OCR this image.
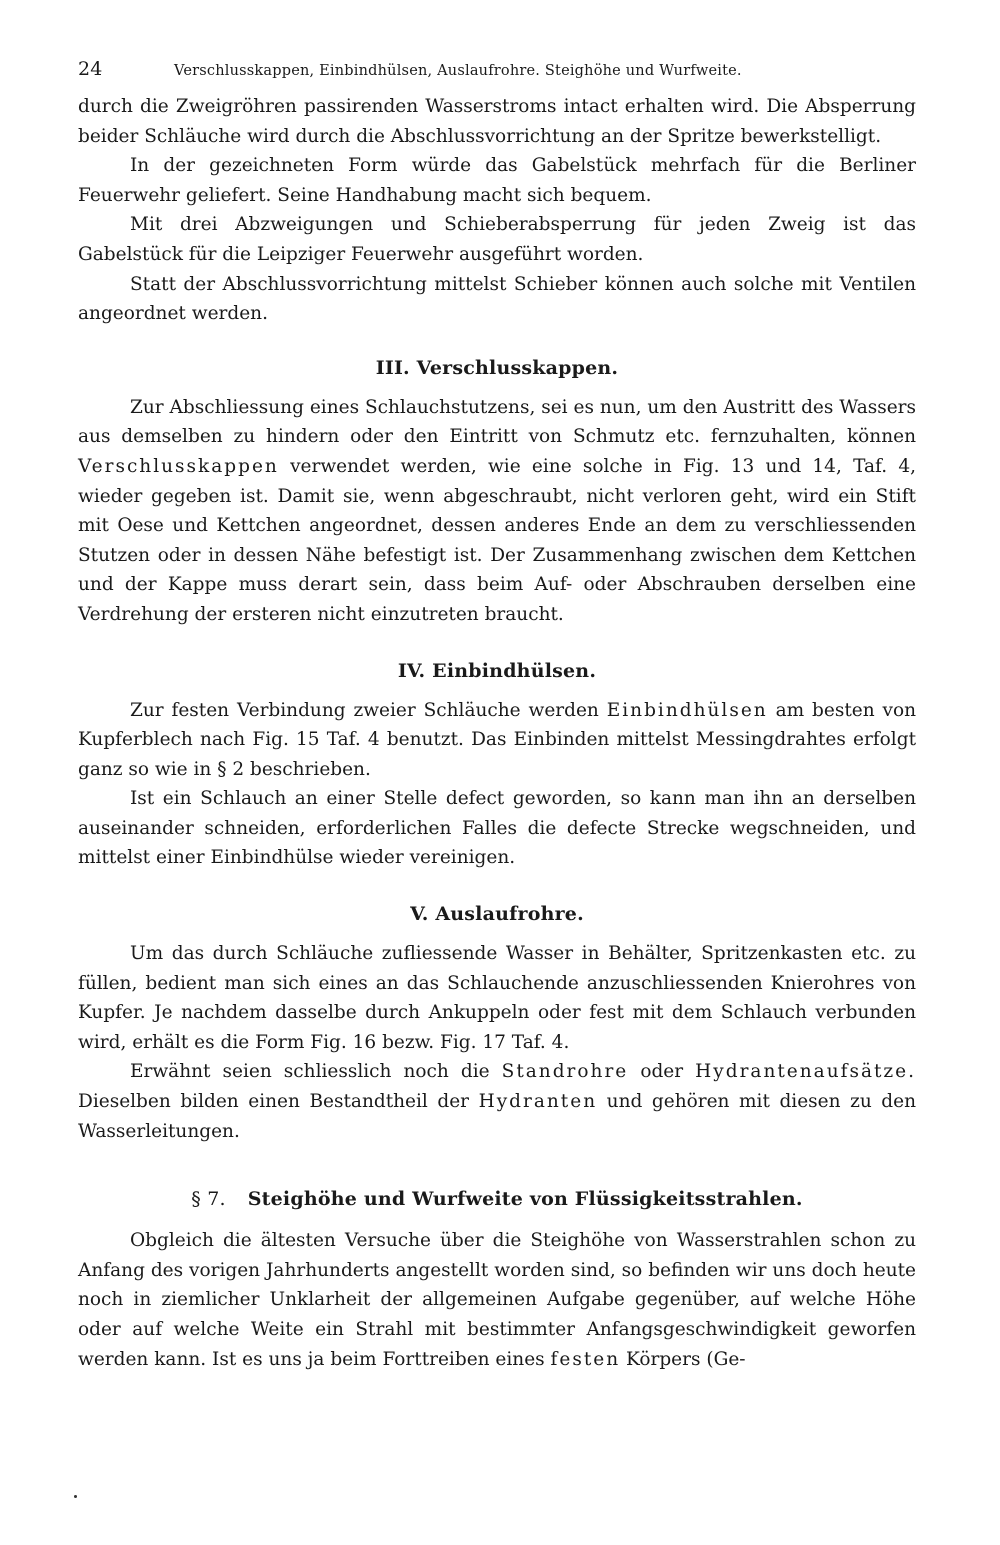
24	Verschlusskappen, Einbindhülsen, Auslaufrohre. Steighöhe und Wurfweite.

durch die Zweigröhren passirenden Wasserstroms intact erhalten wird. Die Absperrung beider Schläuche wird durch die Abschlussvorrichtung an der Spritze bewerkstelligt.

In der gezeichneten Form würde das Gabelstück mehrfach für die Berliner Feuerwehr geliefert. Seine Handhabung macht sich bequem.

Mit drei Abzweigungen und Schieberabsperrung für jeden Zweig ist das Gabelstück für die Leipziger Feuerwehr ausgeführt worden.

Statt der Abschlussvorrichtung mittelst Schieber können auch solche mit Ventilen angeordnet werden.

III. Verschlusskappen.

Zur Abschliessung eines Schlauchstutzens, sei es nun, um den Austritt des Wassers aus demselben zu hindern oder den Eintritt von Schmutz etc. fernzuhalten, können Verschlusskappen verwendet werden, wie eine solche in Fig. 13 und 14, Taf. 4, wieder gegeben ist. Damit sie, wenn abgeschraubt, nicht verloren geht, wird ein Stift mit Oese und Kettchen angeordnet, dessen anderes Ende an dem zu verschliessenden Stutzen oder in dessen Nähe befestigt ist. Der Zusammenhang zwischen dem Kettchen und der Kappe muss derart sein, dass beim Auf- oder Abschrauben derselben eine Verdrehung der ersteren nicht einzutreten braucht.

IV. Einbindhülsen.

Zur festen Verbindung zweier Schläuche werden Einbindhülsen am besten von Kupferblech nach Fig. 15 Taf. 4 benutzt. Das Einbinden mittelst Messingdrahtes erfolgt ganz so wie in § 2 beschrieben.

Ist ein Schlauch an einer Stelle defect geworden, so kann man ihn an derselben auseinander schneiden, erforderlichen Falles die defecte Strecke wegschneiden, und mittelst einer Einbindhülse wieder vereinigen.

V. Auslaufrohre.

Um das durch Schläuche zufliessende Wasser in Behälter, Spritzenkasten etc. zu füllen, bedient man sich eines an das Schlauchende anzuschliessenden Knierohres von Kupfer. Je nachdem dasselbe durch Ankuppeln oder fest mit dem Schlauch verbunden wird, erhält es die Form Fig. 16 bezw. Fig. 17 Taf. 4.

Erwähnt seien schliesslich noch die Standrohre oder Hydrantenaufsätze. Dieselben bilden einen Bestandtheil der Hydranten und gehören mit diesen zu den Wasserleitungen.

§ 7. Steighöhe und Wurfweite von Flüssigkeitsstrahlen.

Obgleich die ältesten Versuche über die Steighöhe von Wasserstrahlen schon zu Anfang des vorigen Jahrhunderts angestellt worden sind, so befinden wir uns doch heute noch in ziemlicher Unklarheit der allgemeinen Aufgabe gegenüber, auf welche Höhe oder auf welche Weite ein Strahl mit bestimmter Anfangsgeschwindigkeit geworfen werden kann. Ist es uns ja beim Forttreiben eines festen Körpers (Ge-
